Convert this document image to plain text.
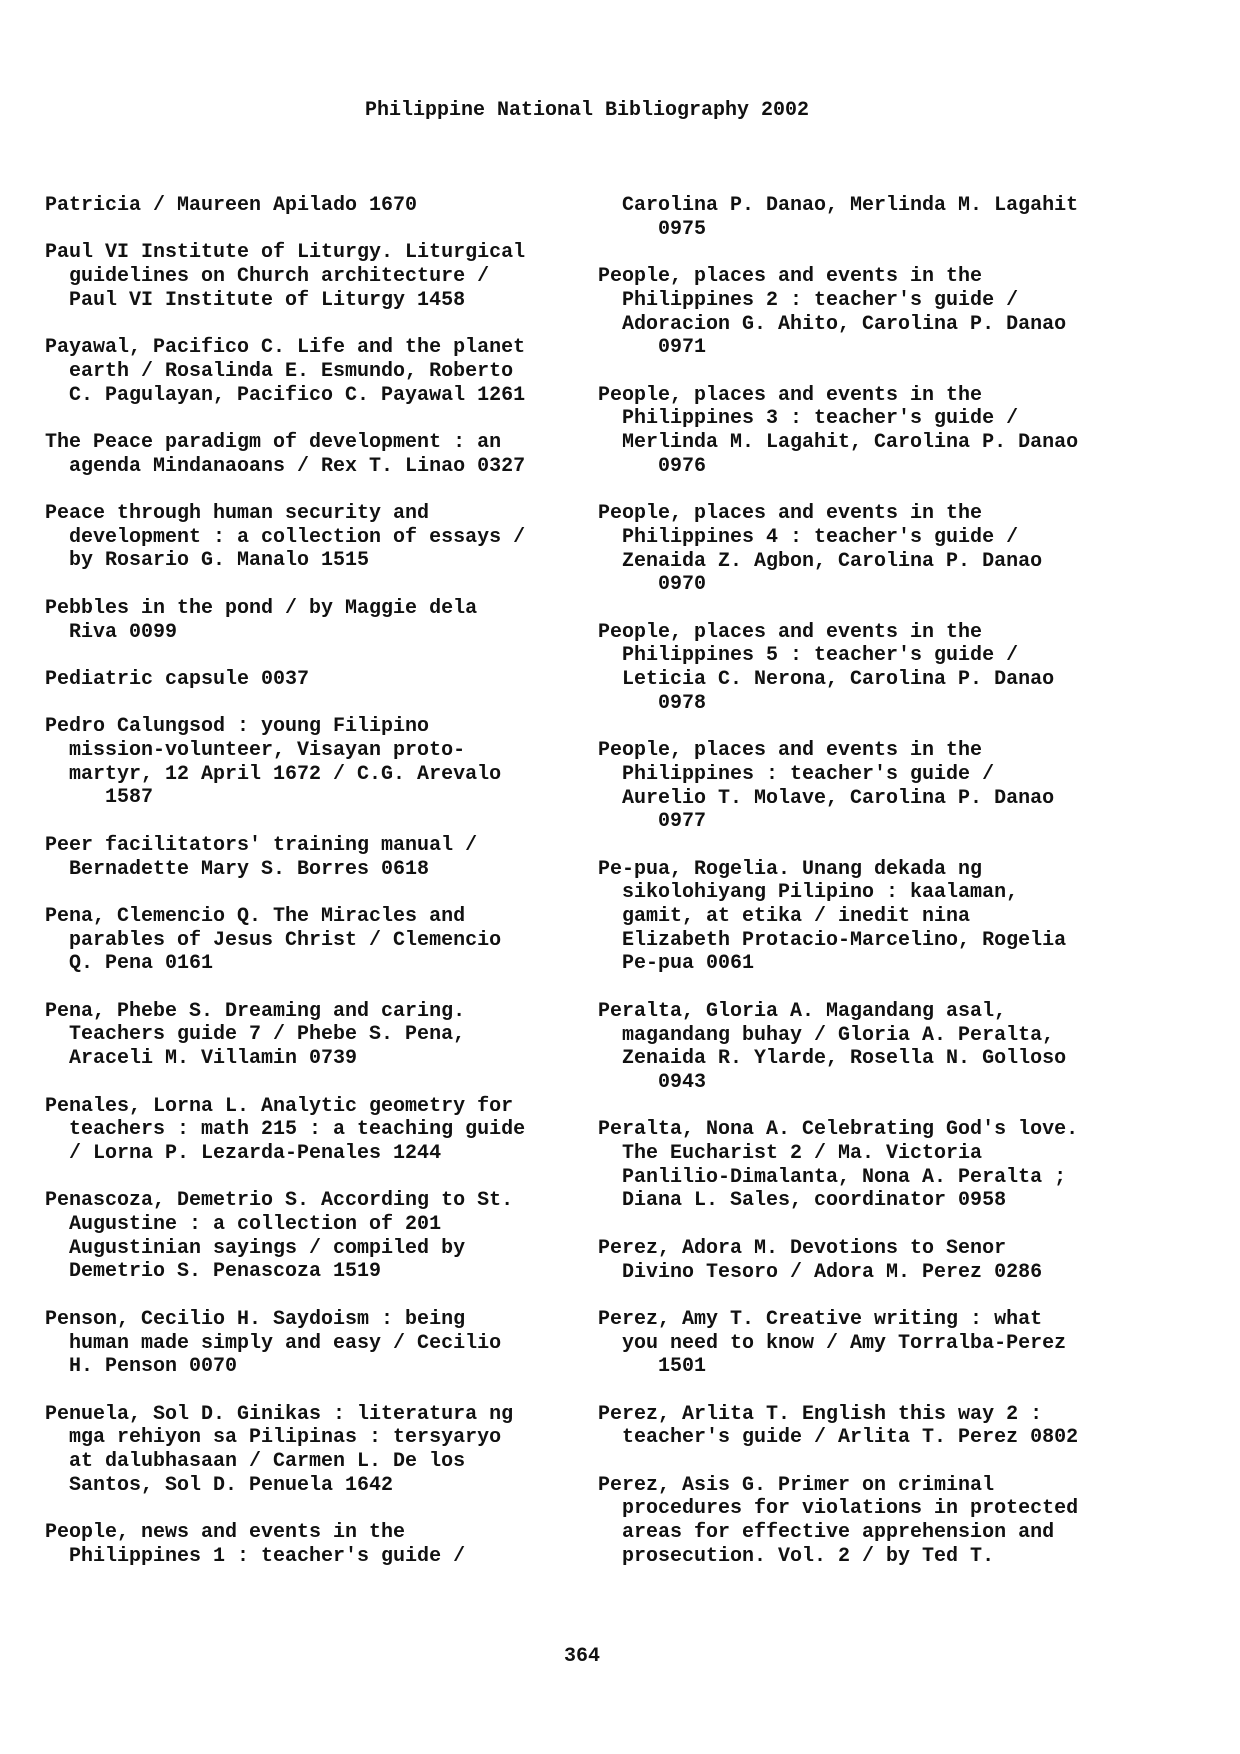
Philippine National Bibliography 2002

Patricia / Maureen Apilado 1670
Paul VI Institute of Liturgy. Liturgical
guidelines on Church architecture /
Paul VI Institute of Liturgy 1458
Payawal, Pacifico C. Life and the planet
earth / Rosalinda E. Esmundo, Roberto
C. Pagulayan, Pacifico C. Payawal 1261
The Peace paradigm of development : an
agenda Mindanaoans / Rex T. Linao 0327
Peace through human security and
development : a collection of essays /
by Rosario G. Manalo 1515
Pebbles in the pond / by Maggie dela
Riva 0099
Pediatric capsule 0037
Pedro Calungsod : young Filipino
mission-volunteer, Visayan proto-
martyr, 12 April 1672 / C.G. Arevalo
1587
Peer facilitators' training manual /
Bernadette Mary S. Borres 0618
Pena, Clemencio Q. The Miracles and
parables of Jesus Christ / Clemencio
Q. Pena 0161
Pena, Phebe S. Dreaming and caring.
Teachers guide 7 / Phebe S. Pena,
Araceli M. Villamin 0739
Penales, Lorna L. Analytic geometry for
teachers : math 215 : a teaching guide
/ Lorna P. Lezarda-Penales 1244
Penascoza, Demetrio S. According to St.
Augustine : a collection of 201
Augustinian sayings / compiled by
Demetrio S. Penascoza 1519
Penson, Cecilio H. Saydoism : being
human made simply and easy / Cecilio
H. Penson 0070
Penuela, Sol D. Ginikas : literatura ng
mga rehiyon sa Pilipinas : tersyaryo
at dalubhasaan / Carmen L. De los
Santos, Sol D. Penuela 1642
People, news and events in the
Philippines 1 : teacher's guide /
Carolina P. Danao, Merlinda M. Lagahit
0975
People, places and events in the
Philippines 2 : teacher's guide /
Adoracion G. Ahito, Carolina P. Danao
0971
People, places and events in the
Philippines 3 : teacher's guide /
Merlinda M. Lagahit, Carolina P. Danao
0976
People, places and events in the
Philippines 4 : teacher's guide /
Zenaida Z. Agbon, Carolina P. Danao
0970
People, places and events in the
Philippines 5 : teacher's guide /
Leticia C. Nerona, Carolina P. Danao
0978
People, places and events in the
Philippines : teacher's guide /
Aurelio T. Molave, Carolina P. Danao
0977
Pe-pua, Rogelia. Unang dekada ng
sikolohiyang Pilipino : kaalaman,
gamit, at etika / inedit nina
Elizabeth Protacio-Marcelino, Rogelia
Pe-pua 0061
Peralta, Gloria A. Magandang asal,
magandang buhay / Gloria A. Peralta,
Zenaida R. Ylarde, Rosella N. Golloso
0943
Peralta, Nona A. Celebrating God's love.
The Eucharist 2 / Ma. Victoria
Panlilio-Dimalanta, Nona A. Peralta ;
Diana L. Sales, coordinator 0958
Perez, Adora M. Devotions to Senor
Divino Tesoro / Adora M. Perez 0286
Perez, Amy T. Creative writing : what
you need to know / Amy Torralba-Perez
1501
Perez, Arlita T. English this way 2 :
teacher's guide / Arlita T. Perez 0802
Perez, Asis G. Primer on criminal
procedures for violations in protected
areas for effective apprehension and
prosecution. Vol. 2 / by Ted T.

364
